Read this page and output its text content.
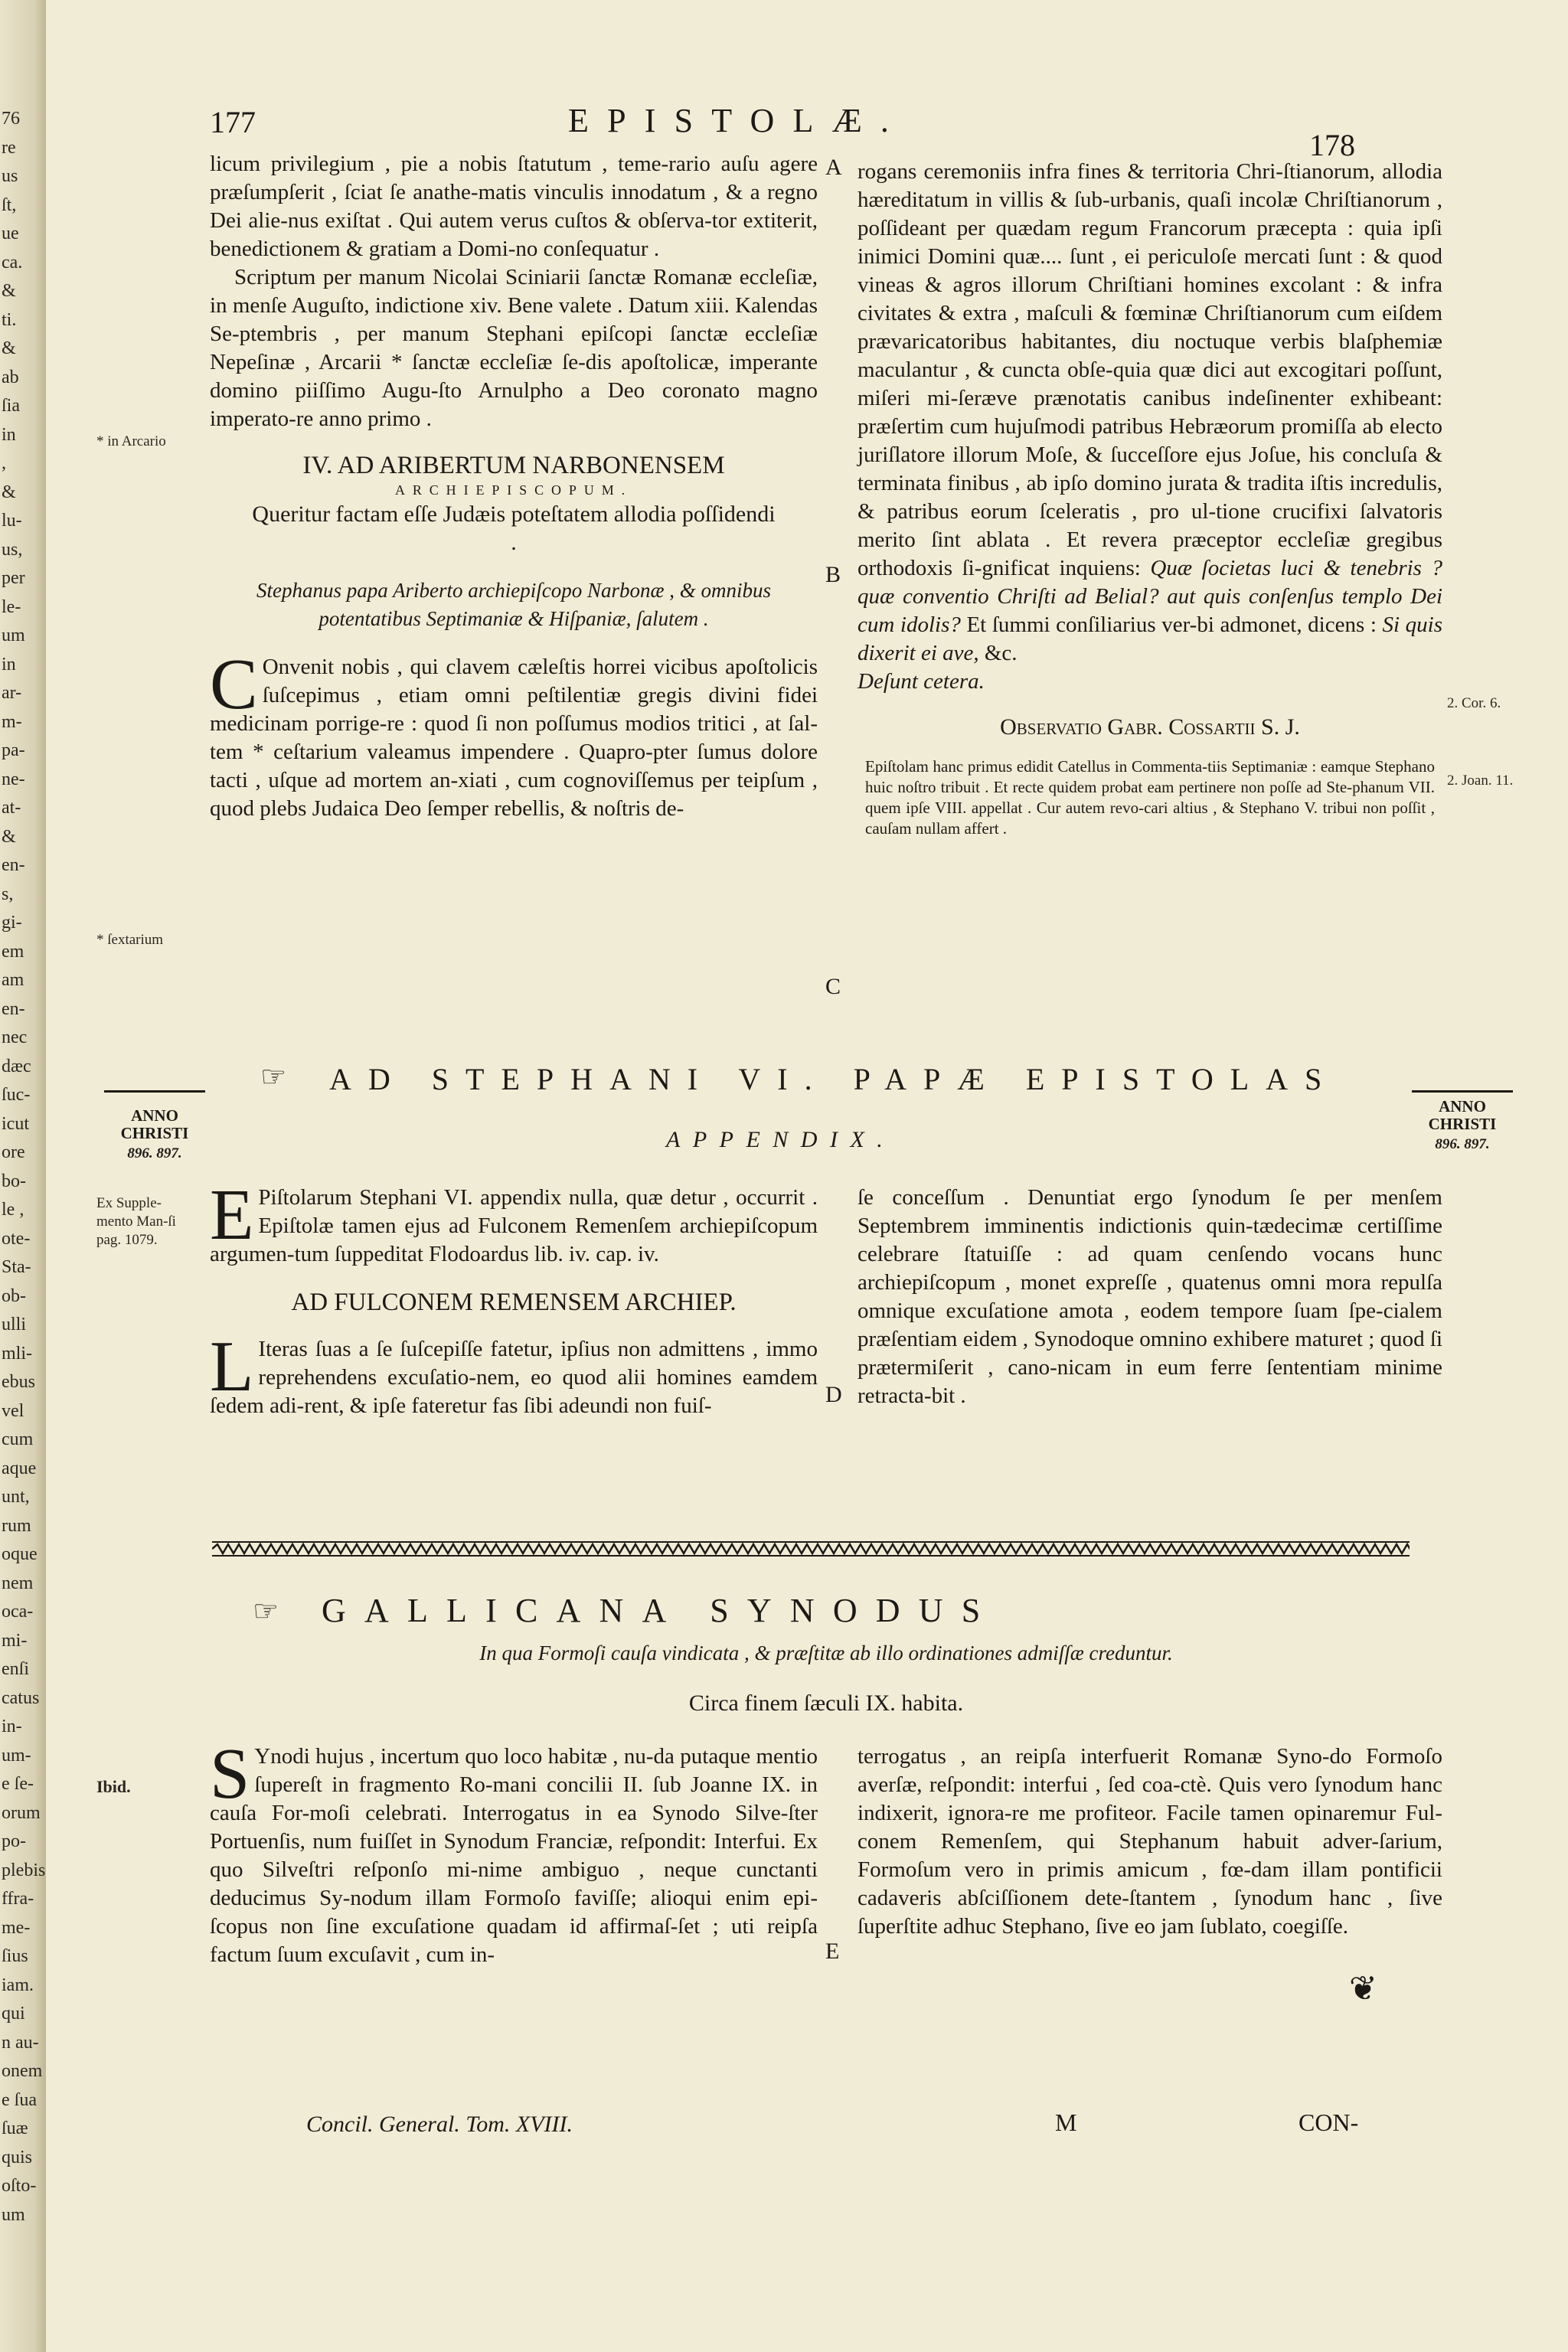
76
re
us
ſt,
ue
ca.
&
ti.
&
ab
ſia
in
,
&
lu-
us,
per
le-
um
in
ar-
m-
pa-
ne-
at-
&
en-
s,
gi-
em
am
en-
nec
dæc
ſuc-
icut
ore
bo-
le ,
ote-
Sta-
ob-
ulli
mli-
ebus
vel
cum
aque
unt,
rum
oque
nem
oca-
mi-
enſi
catus
in-
um-
e ſe-
orum
po-
plebis
ffra-
me-
ſius
iam.
qui
n au-
onem
e ſua
ſuæ
quis
oſto-
um
177	EPISTOLÆ.
178

licum privilegium , pie a nobis ſtatutum , teme-rario auſu agere præſumpſerit , ſciat ſe anathe-matis vinculis innodatum , & a regno Dei alie-nus exiſtat . Qui autem verus cuſtos & obſerva-tor extiterit, benedictionem & gratiam a Domi-no conſequatur .

Scriptum per manum Nicolai Sciniarii ſanctæ Romanæ eccleſiæ, in menſe Auguſto, indictione xiv. Bene valete . Datum xiii. Kalendas Se-ptembris , per manum Stephani epiſcopi ſanctæ eccleſiæ Nepeſinæ , Arcarii * ſanctæ eccleſiæ ſe-dis apoſtolicæ, imperante domino piiſſimo Augu-ſto Arnulpho a Deo coronato magno imperato-re anno primo .

IV. AD ARIBERTUM NARBONENSEM
ARCHIEPISCOPUM.
Queritur factam eſſe Judæis poteſtatem allodia poſſidendi .
Stephanus papa Ariberto archiepiſcopo Narbonæ , & omnibus potentatibus Septimaniæ & Hiſpaniæ, ſalutem .

C Onvenit nobis , qui clavem cæleſtis horrei vicibus apoſtolicis ſuſcepimus , etiam omni peſtilentiæ gregis divini fidei medicinam porrige-re : quod ſi non poſſumus modios tritici , at ſal-tem * ceſtarium valeamus impendere . Quapro-pter ſumus dolore tacti , uſque ad mortem an-xiati , cum cognoviſſemus per teipſum , quod plebs Judaica Deo ſemper rebellis, & noſtris de-

rogans ceremoniis infra fines & territoria Chri-ſtianorum, allodia hæreditatum in villis & ſub-urbanis, quaſi incolæ Chriſtianorum , poſſideant per quædam regum Francorum præcepta : quia ipſi inimici Domini quæ.... ſunt , ei periculoſe mercati ſunt : & quod vineas & agros illorum Chriſtiani homines excolant : & infra civitates & extra , maſculi & fœminæ Chriſtianorum cum eiſdem prævaricatoribus habitantes, diu noctuque verbis blaſphemiæ maculantur , & cuncta obſe-quia quæ dici aut excogitari poſſunt, miſeri mi-ſeræve prænotatis canibus indeſinenter exhibeant: præſertim cum hujuſmodi patribus Hebræorum promiſſa ab electo juriſlatore illorum Moſe, & ſucceſſore ejus Joſue, his concluſa & terminata finibus , ab ipſo domino jurata & tradita iſtis incredulis, & patribus eorum ſceleratis , pro ul-tione crucifixi ſalvatoris merito ſint ablata . Et revera præceptor eccleſiæ gregibus orthodoxis ſi-gnificat inquiens: Quæ ſocietas luci & tenebris ? quæ conventio Chriſti ad Belial? aut quis conſenſus templo Dei cum idolis? Et ſummi conſiliarius ver-bi admonet, dicens : Si quis dixerit ei ave, &c.

Deſunt cetera.

Observatio Gabr. Cossartii S. J.
Epiſtolam hanc primus edidit Catellus in Commenta-tiis Septimaniæ : eamque Stephano huic noſtro tribuit . Et recte quidem probat eam pertinere non poſſe ad Ste-phanum VII. quem ipſe VIII. appellat . Cur autem revo-cari altius , & Stephano V. tribui non poſſit , cauſam nullam affert .
* in Arcario
* ſextarium
2. Cor. 6.
2. Joan. 11.
A
B
C
D
E
☞ AD STEPHANI VI. PAPÆ EPISTOLAS
APPENDIX.
ANNO CHRISTI
896. 897.
ANNO CHRISTI
896. 897.
Ex Supple-mento Man-ſi pag. 1079. E Piſtolarum Stephani VI. appendix nulla, quæ detur , occurrit . Epiſtolæ tamen ejus ad Fulconem Remenſem archiepiſcopum argumen-tum ſuppeditat Flodoardus lib. iv. cap. iv.

AD FULCONEM REMENSEM ARCHIEP.

L Iteras ſuas a ſe ſuſcepiſſe fatetur, ipſius non admittens , immo reprehendens excuſatio-nem, eo quod alii homines eamdem ſedem adi-rent, & ipſe fateretur fas ſibi adeundi non fuiſ-

ſe conceſſum . Denuntiat ergo ſynodum ſe per menſem Septembrem imminentis indictionis quin-tædecimæ certiſſime celebrare ſtatuiſſe : ad quam cenſendo vocans hunc archiepiſcopum , monet expreſſe , quatenus omni mora repulſa omnique excuſatione amota , eodem tempore ſuam ſpe-cialem præſentiam eidem , Synodoque omnino exhibere maturet ; quod ſi prætermiſerit , cano-nicam in eum ferre ſententiam minime retracta-bit .

☞ GALLICANA SYNODUS
In qua Formoſi cauſa vindicata , & præſtitæ ab illo ordinationes admiſſæ creduntur.
Circa finem ſæculi IX. habita.
Ibid. S Ynodi hujus , incertum quo loco habitæ , nu-da putaque mentio ſupereſt in fragmento Ro-mani concilii II. ſub Joanne IX. in cauſa For-moſi celebrati. Interrogatus in ea Synodo Silve-ſter Portuenſis, num fuiſſet in Synodum Franciæ, reſpondit: Interfui. Ex quo Silveſtri reſponſo mi-nime ambiguo , neque cunctanti deducimus Sy-nodum illam Formoſo faviſſe; alioqui enim epi-ſcopus non ſine excuſatione quadam id affirmaſ-ſet ; uti reipſa factum ſuum excuſavit , cum in-

terrogatus , an reipſa interfuerit Romanæ Syno-do Formoſo averſæ, reſpondit: interfui , ſed coa-ctè. Quis vero ſynodum hanc indixerit, ignora-re me profiteor. Facile tamen opinaremur Ful-conem Remenſem, qui Stephanum habuit adver-ſarium, Formoſum vero in primis amicum , fœ-dam illam pontificii cadaveris abſciſſionem dete-ſtantem , ſynodum hanc , ſive ſuperſtite adhuc Stephano, ſive eo jam ſublato, coegiſſe.

❦
Concil. General. Tom. XVIII.	M	CON-
